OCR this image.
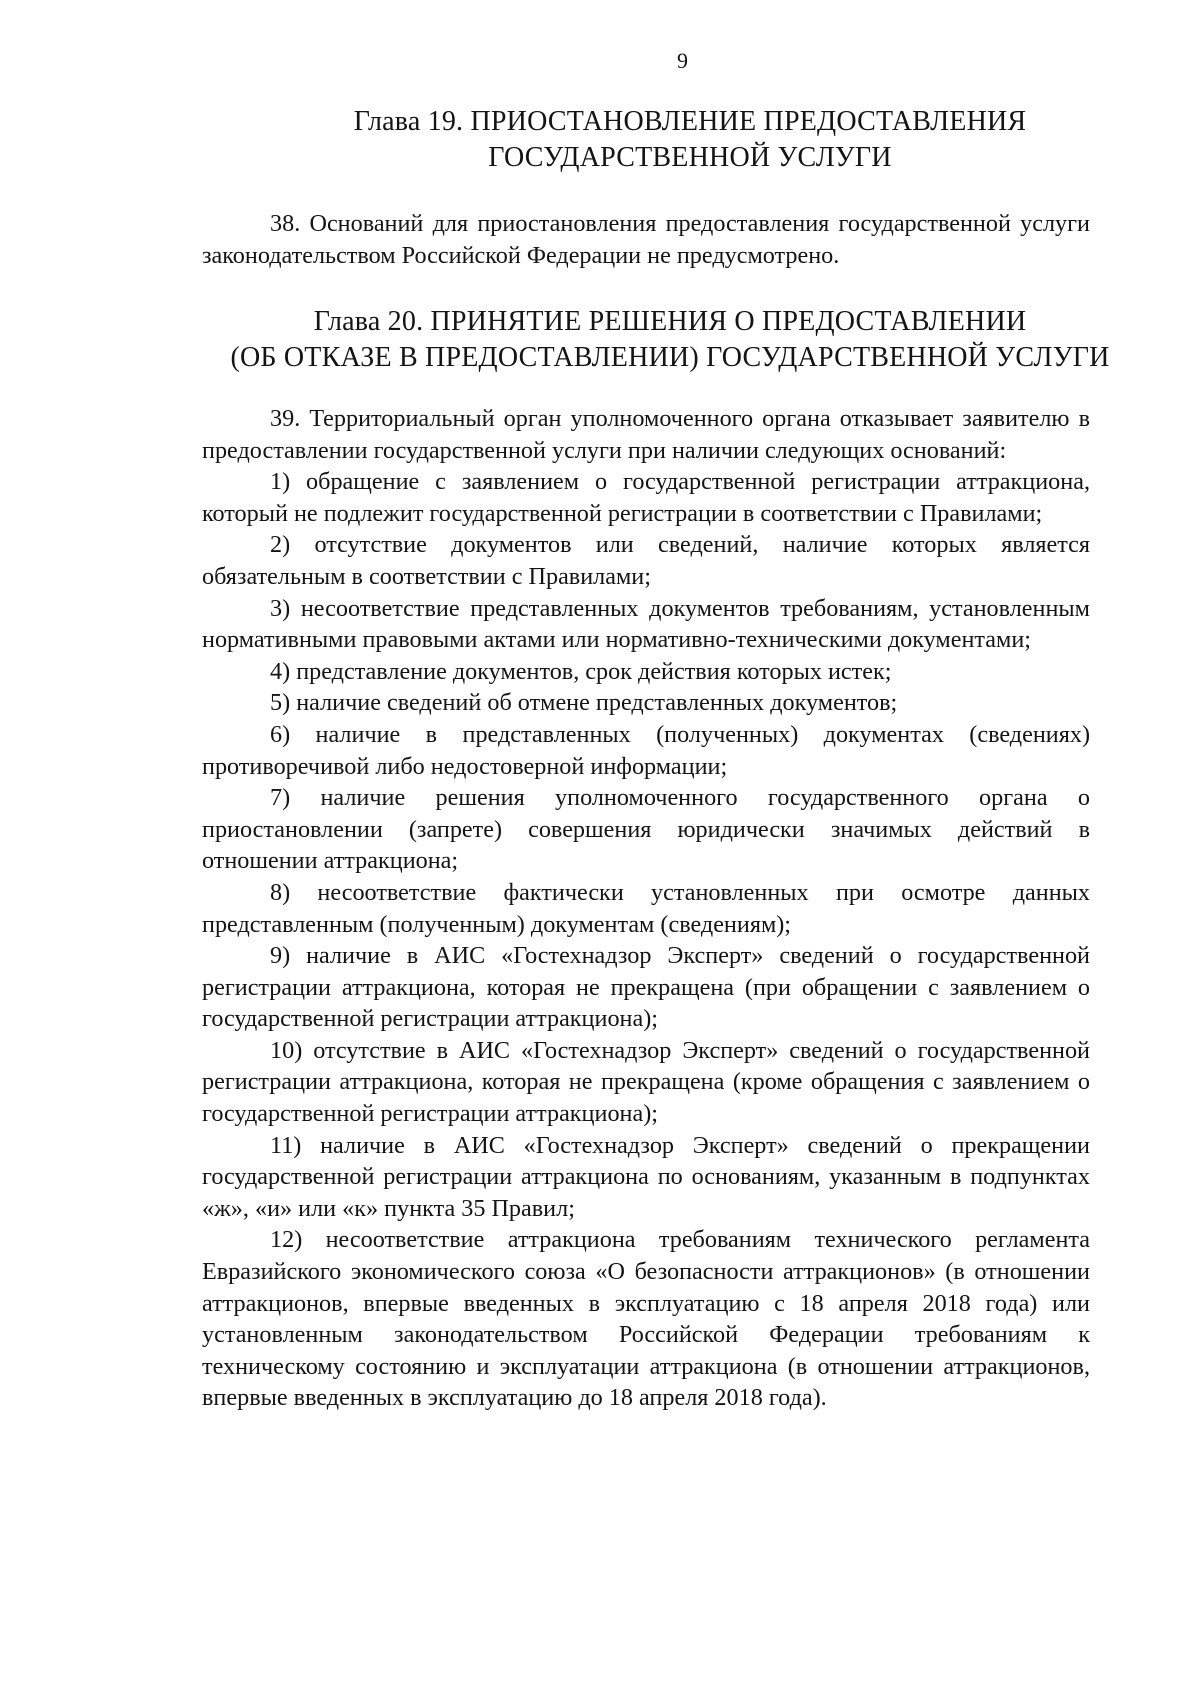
9

Глава 19. ПРИОСТАНОВЛЕНИЕ ПРЕДОСТАВЛЕНИЯ
ГОСУДАРСТВЕННОЙ УСЛУГИ

38. Оснований для приостановления предоставления государственной услуги законодательством Российской Федерации не предусмотрено.

Глава 20. ПРИНЯТИЕ РЕШЕНИЯ О ПРЕДОСТАВЛЕНИИ
(ОБ ОТКАЗЕ В ПРЕДОСТАВЛЕНИИ) ГОСУДАРСТВЕННОЙ УСЛУГИ

39. Территориальный орган уполномоченного органа отказывает заявителю в предоставлении государственной услуги при наличии следующих оснований:

1) обращение с заявлением о государственной регистрации аттракциона, который не подлежит государственной регистрации в соответствии с Правилами;

2) отсутствие документов или сведений, наличие которых является обязательным в соответствии с Правилами;

3) несоответствие представленных документов требованиям, установленным нормативными правовыми актами или нормативно-техническими документами;

4) представление документов, срок действия которых истек;

5) наличие сведений об отмене представленных документов;

6) наличие в представленных (полученных) документах (сведениях) противоречивой либо недостоверной информации;

7) наличие решения уполномоченного государственного органа о приостановлении (запрете) совершения юридически значимых действий в отношении аттракциона;

8) несоответствие фактически установленных при осмотре данных представленным (полученным) документам (сведениям);

9) наличие в АИС «Гостехнадзор Эксперт» сведений о государственной регистрации аттракциона, которая не прекращена (при обращении с заявлением о государственной регистрации аттракциона);

10) отсутствие в АИС «Гостехнадзор Эксперт» сведений о государственной регистрации аттракциона, которая не прекращена (кроме обращения с заявлением о государственной регистрации аттракциона);

11) наличие в АИС «Гостехнадзор Эксперт» сведений о прекращении государственной регистрации аттракциона по основаниям, указанным в подпунктах «ж», «и» или «к» пункта 35 Правил;

12) несоответствие аттракциона требованиям технического регламента Евразийского экономического союза «О безопасности аттракционов» (в отношении аттракционов, впервые введенных в эксплуатацию с 18 апреля 2018 года) или установленным законодательством Российской Федерации требованиям к техническому состоянию и эксплуатации аттракциона (в отношении аттракционов, впервые введенных в эксплуатацию до 18 апреля 2018 года).
